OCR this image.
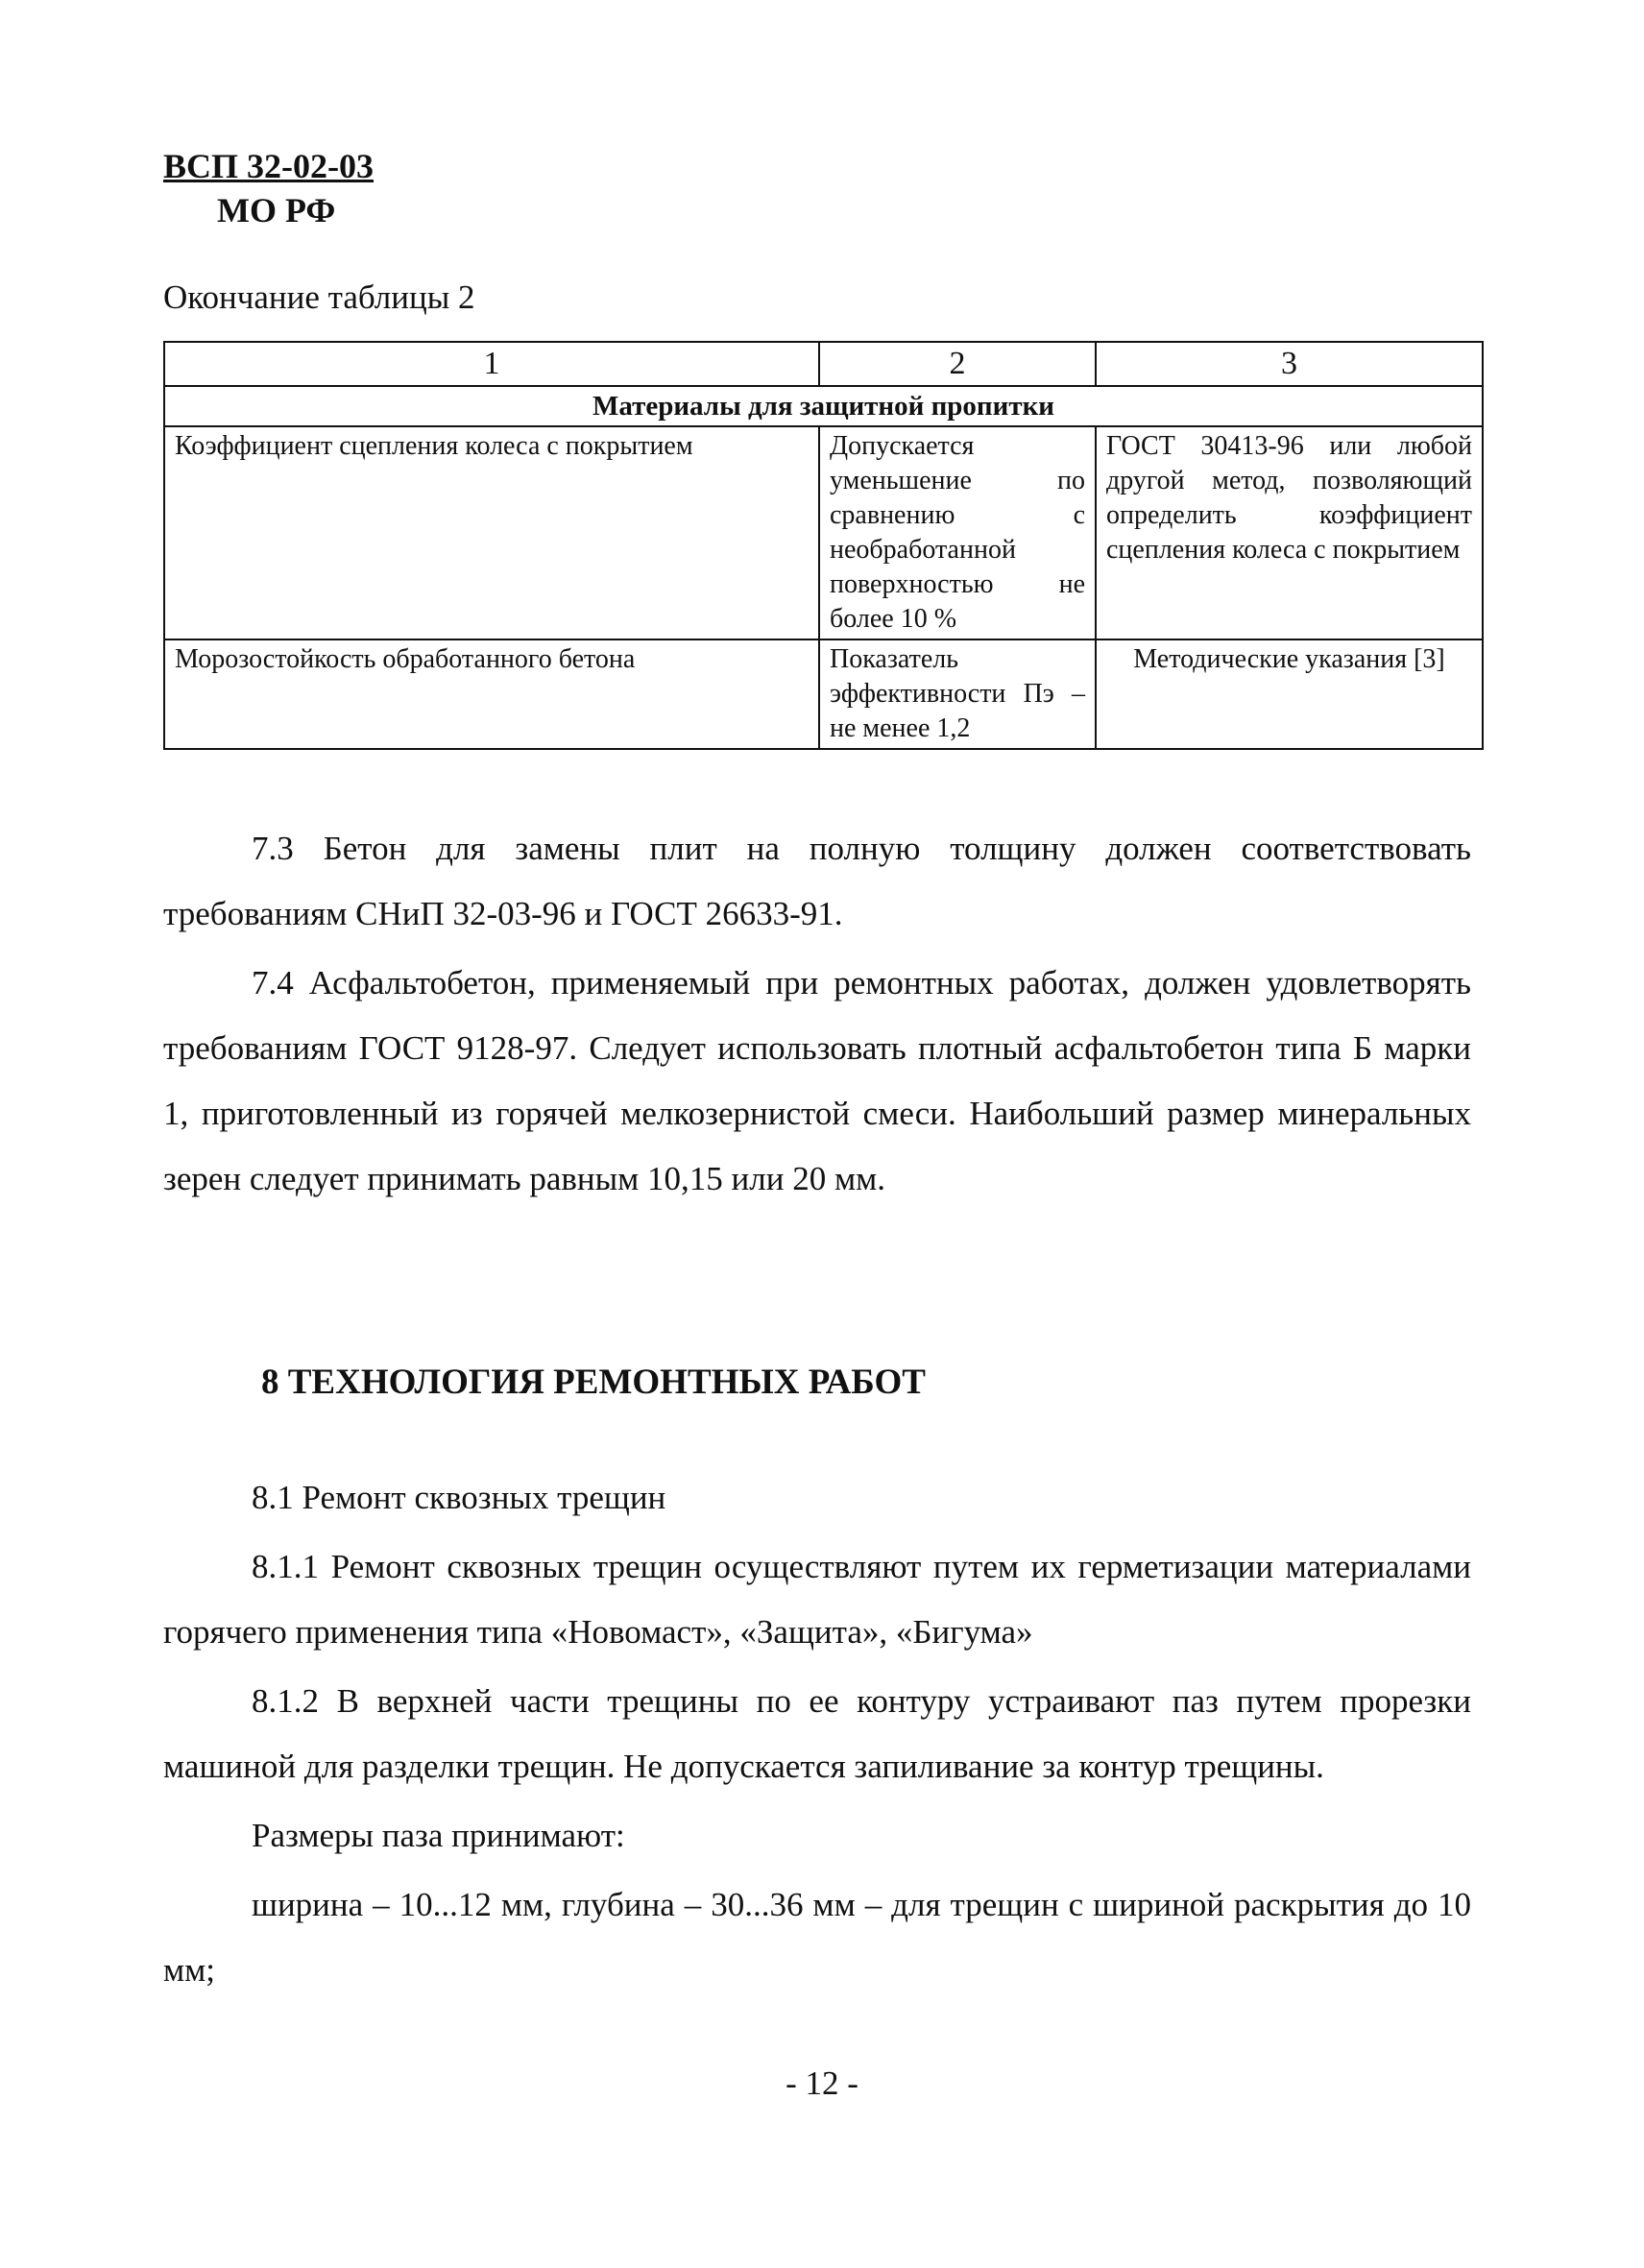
ВСП 32-02-03
МО РФ
Окончание таблицы 2
1	2	3
Материалы для защитной пропитки		
Коэффициент сцепления колеса с покрытием	Допускается уменьшение по сравнению с необработанной поверхностью не более 10 %	ГОСТ 30413-96 или любой другой метод, позволяющий определить коэффициент сцепления колеса с покрытием
Морозостойкость обработанного бетона	Показатель эффективности Пэ – не менее 1,2	Методические указания [3]

7.3 Бетон для замены плит на полную толщину должен соответствовать требованиям СНиП 32-03-96 и ГОСТ 26633-91.

7.4 Асфальтобетон, применяемый при ремонтных работах, должен удовлетворять требованиям ГОСТ 9128-97. Следует использовать плотный асфальтобетон типа Б марки 1, приготовленный из горячей мелкозернистой смеси. Наибольший размер минеральных зерен следует принимать равным 10,15 или 20 мм.

8 ТЕХНОЛОГИЯ РЕМОНТНЫХ РАБОТ

8.1 Ремонт сквозных трещин

8.1.1 Ремонт сквозных трещин осуществляют путем их герметизации материалами горячего применения типа «Новомаст», «Защита», «Бигума»

8.1.2 В верхней части трещины по ее контуру устраивают паз путем прорезки машиной для разделки трещин. Не допускается запиливание за контур трещины.

Размеры паза принимают:

ширина – 10...12 мм, глубина – 30...36 мм – для трещин с шириной раскрытия до 10 мм;

- 12 -
